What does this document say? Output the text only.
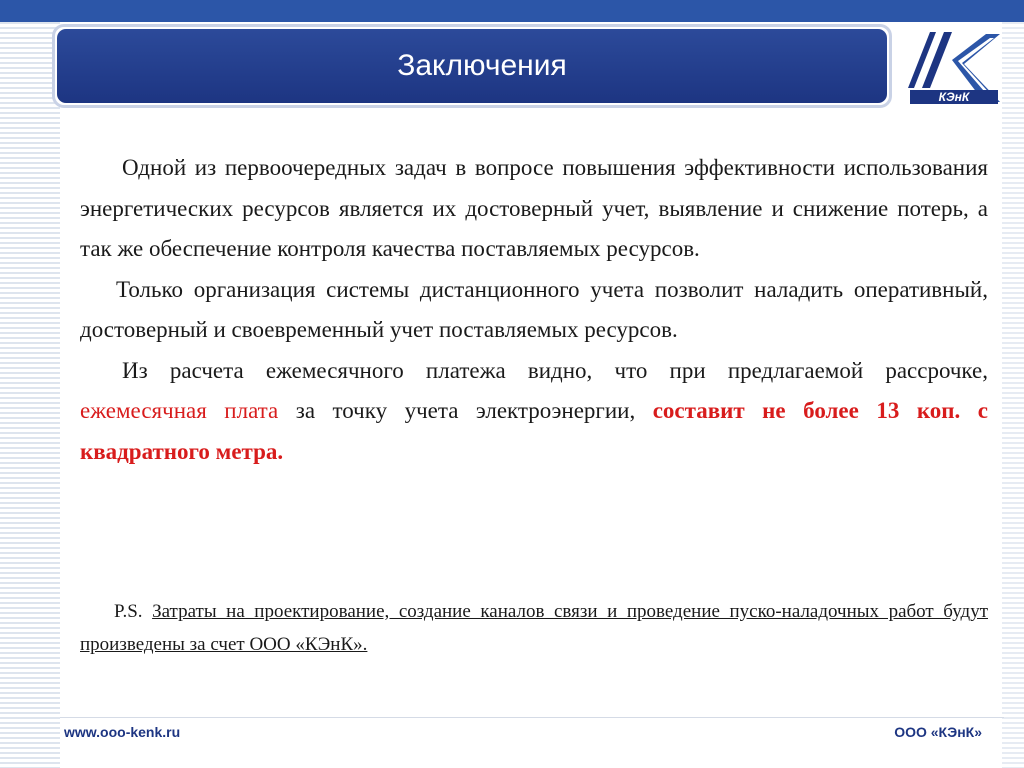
Заключения
КЭнК

Одной из первоочередных задач в вопросе повышения эффективности использования энергетических ресурсов является их достоверный учет, выявление и снижение потерь, а так же обеспечение контроля качества поставляемых ресурсов.

Только организация системы дистанционного учета позволит наладить оперативный, достоверный и своевременный учет поставляемых ресурсов.

Из расчета ежемесячного платежа видно, что при предлагаемой рассрочке, ежемесячная плата за точку учета электроэнергии, составит не более 13 коп. с квадратного метра.

P.S. Затраты на проектирование, создание каналов связи и проведение пуско-наладочных работ будут произведены за счет ООО «КЭнК».

www.ooo-kenk.ru	ООО «КЭнК»
